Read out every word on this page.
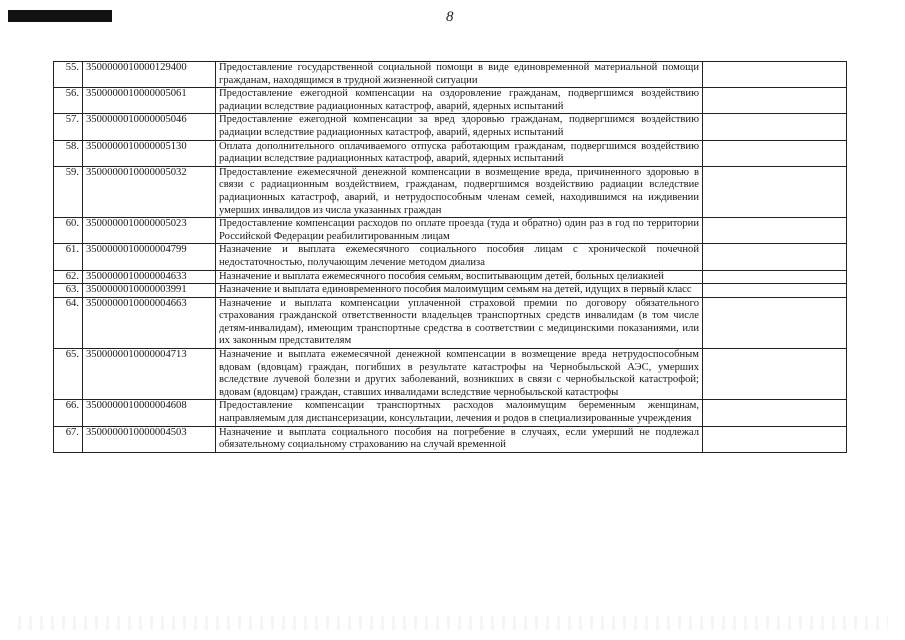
8
55.	3500000010000129400	Предоставление государственной социальной помощи в виде единовременной материальной помощи гражданам, находящимся в трудной жизненной ситуации	
56.	3500000010000005061	Предоставление ежегодной компенсации на оздоровление гражданам, подвергшимся воздействию радиации вследствие радиационных катастроф, аварий, ядерных испытаний	
57.	3500000010000005046	Предоставление ежегодной компенсации за вред здоровью гражданам, подвергшимся воздействию радиации вследствие радиационных катастроф, аварий, ядерных испытаний	
58.	3500000010000005130	Оплата дополнительного оплачиваемого отпуска работающим гражданам, подвергшимся воздействию радиации вследствие радиационных катастроф, аварий, ядерных испытаний	
59.	3500000010000005032	Предоставление ежемесячной денежной компенсации в возмещение вреда, причиненного здоровью в связи с радиационным воздействием, гражданам, подвергшимся воздействию радиации вследствие радиационных катастроф, аварий, и нетрудоспособным членам семей, находившимся на иждивении умерших инвалидов из числа указанных граждан	
60.	3500000010000005023	Предоставление компенсации расходов по оплате проезда (туда и обратно) один раз в год по территории Российской Федерации реабилитированным лицам	
61.	3500000010000004799	Назначение и выплата ежемесячного социального пособия лицам с хронической почечной недостаточностью, получающим лечение методом диализа	
62.	3500000010000004633	Назначение и выплата ежемесячного пособия семьям, воспитывающим детей, больных целиакией	
63.	3500000010000003991	Назначение и выплата единовременного пособия малоимущим семьям на детей, идущих в первый класс	
64.	3500000010000004663	Назначение и выплата компенсации уплаченной страховой премии по договору обязательного страхования гражданской ответственности владельцев транспортных средств инвалидам (в том числе детям-инвалидам), имеющим транспортные средства в соответствии с медицинскими показаниями, или их законным представителям	
65.	3500000010000004713	Назначение и выплата ежемесячной денежной компенсации в возмещение вреда нетрудоспособным вдовам (вдовцам) граждан, погибших в результате катастрофы на Чернобыльской АЭС, умерших вследствие лучевой болезни и других заболеваний, возникших в связи с чернобыльской катастрофой; вдовам (вдовцам) граждан, ставших инвалидами вследствие чернобыльской катастрофы	
66.	3500000010000004608	Предоставление компенсации транспортных расходов малоимущим беременным женщинам, направляемым для диспансеризации, консультации, лечения и родов в специализированные учреждения	
67.	3500000010000004503	Назначение и выплата социального пособия на погребение в случаях, если умерший не подлежал обязательному социальному страхованию на случай временной	
